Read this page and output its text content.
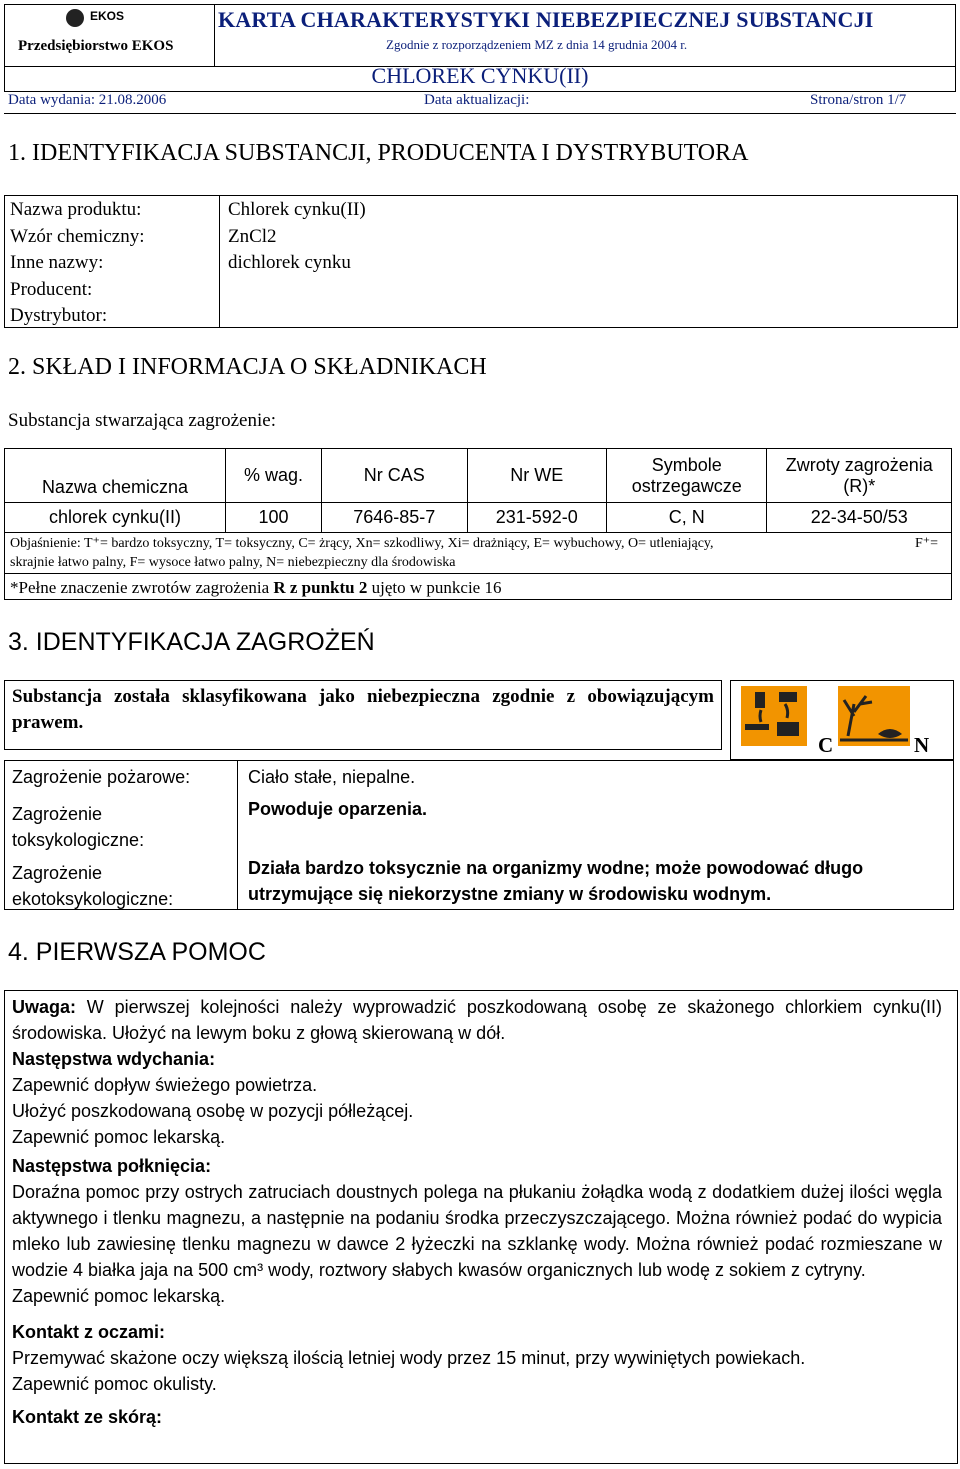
EKOS
Przedsiębiorstwo EKOS
KARTA CHARAKTERYSTYKI NIEBEZPIECZNEJ SUBSTANCJI
Zgodnie z rozporządzeniem MZ z dnia 14 grudnia 2004 r.
CHLOREK CYNKU(II)
Data wydania: 21.08.2006	Data aktualizacji:	Strona/stron 1/7
1. IDENTYFIKACJA SUBSTANCJI, PRODUCENTA I DYSTRYBUTORA
Nazwa produktu:	Chlorek cynku(II)
Wzór chemiczny:	ZnCl2
Inne nazwy:	dichlorek cynku
Producent:
Dystrybutor:
2. SKŁAD I INFORMACJA O SKŁADNIKACH
Substancja stwarzająca zagrożenie:
Nazwa chemiczna	% wag.	Nr CAS	Nr WE	Symbole ostrzegawcze	Zwroty zagrożenia (R)*
chlorek cynku(II)	100	7646-85-7	231-592-0	C, N	22-34-50/53
Objaśnienie: T⁺= bardzo toksyczny, T= toksyczny, C= żrący, Xn= szkodliwy, Xi= drażniący, E= wybuchowy, O= utleniający,	F⁺=
skrajnie łatwo palny, F= wysoce łatwo palny, N= niebezpieczny dla środowiska
*Pełne znaczenie zwrotów zagrożenia R z punktu 2 ujęto w punkcie 16
3. IDENTYFIKACJA ZAGROŻEŃ
Substancja została sklasyfikowana jako niebezpieczna zgodnie z obowiązującym prawem.
C	N
Zagrożenie pożarowe:	Ciało stałe, niepalne.
Zagrożenie toksykologiczne:
Powoduje oparzenia.
Zagrożenie ekotoksykologiczne:
Działa bardzo toksycznie na organizmy wodne; może powodować długo utrzymujące się niekorzystne zmiany w środowisku wodnym.
4. PIERWSZA POMOC
Uwaga: W pierwszej kolejności należy wyprowadzić poszkodowaną osobę ze skażonego chlorkiem cynku(II) środowiska. Ułożyć na lewym boku z głową skierowaną w dół.
Następstwa wdychania:
Zapewnić dopływ świeżego powietrza.
Ułożyć poszkodowaną osobę w pozycji półleżącej.
Zapewnić pomoc lekarską.
Następstwa połknięcia:
Doraźna pomoc przy ostrych zatruciach doustnych polega na płukaniu żołądka wodą z dodatkiem dużej ilości węgla aktywnego i tlenku magnezu, a następnie na podaniu środka przeczyszczającego. Można również podać do wypicia mleko lub zawiesinę tlenku magnezu w dawce 2 łyżeczki na szklankę wody. Można również podać rozmieszane w wodzie 4 białka jaja na 500 cm³ wody, roztwory słabych kwasów organicznych lub wodę z sokiem z cytryny.
Zapewnić pomoc lekarską.
Kontakt z oczami:
Przemywać skażone oczy większą ilością letniej wody przez 15 minut, przy wywiniętych powiekach.
Zapewnić pomoc okulisty.
Kontakt ze skórą:
